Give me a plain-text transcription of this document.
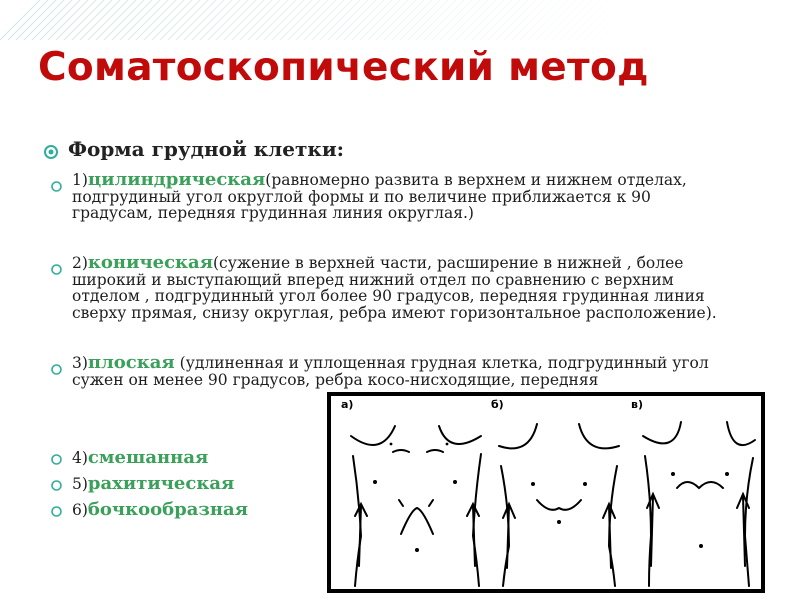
Соматоскопический метод
Форма грудной клетки:
1)цилиндрическая(равномерно развита в верхнем и нижнем отделах, подгрудиный угол округлой формы и по величине приближается к 90 градусам, передняя грудинная линия округлая.)
2)коническая(сужение в верхней части, расширение в нижней , более широкий и выступающий вперед нижний отдел по сравнению с верхним отделом , подгрудинный угол более 90 градусов, передняя грудинная линия сверху прямая, снизу округлая, ребра имеют горизонтальное расположение).
3)плоская (удлиненная и уплощенная грудная клетка, подгрудинный угол сужен он менее 90 градусов, ребра косо-нисходящие, передняя
4)смешанная
5)рахитическая
6)бочкообразная
а)	б)	в)
